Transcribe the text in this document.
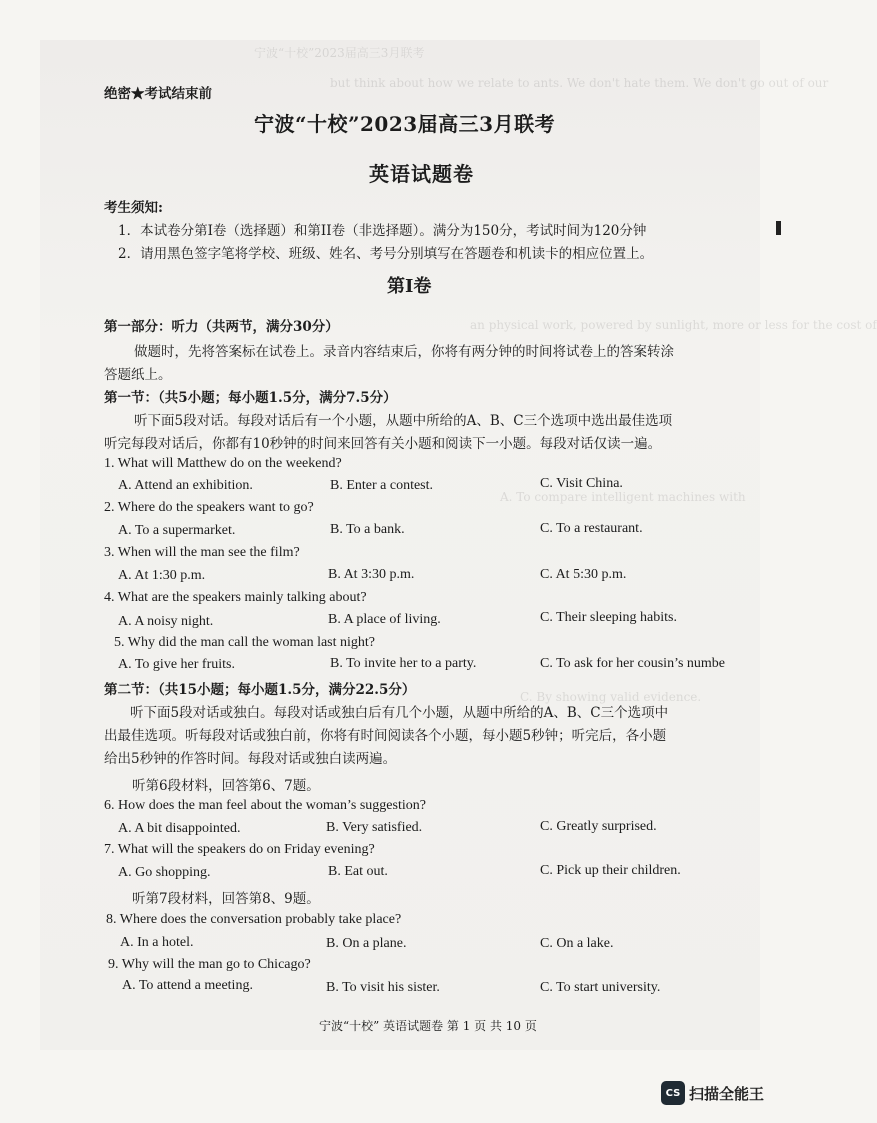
宁波“十校”2023届高三3月联考
but think about how we relate to ants. We don't hate them. We don't go out of our
an physical work, powered by sunlight, more or less for the cost of
A. To compare intelligent machines with
C. By showing valid evidence.
绝密★考试结束前
宁波“十校”2023届高三3月联考
英语试题卷
考生须知:
1．本试卷分第I卷（选择题）和第II卷（非选择题）。满分为150分，考试时间为120分钟
2．请用黑色签字笔将学校、班级、姓名、考号分别填写在答题卷和机读卡的相应位置上。
第I卷
第一部分：听力（共两节，满分30分）
做题时，先将答案标在试卷上。录音内容结束后，你将有两分钟的时间将试卷上的答案转涂
答题纸上。
第一节：（共5小题；每小题1.5分，满分7.5分）
听下面5段对话。每段对话后有一个小题，从题中所给的A、B、C三个选项中选出最佳选项
听完每段对话后，你都有10秒钟的时间来回答有关小题和阅读下一小题。每段对话仅读一遍。
1. What will Matthew do on the weekend?
A. Attend an exhibition.	B. Enter a contest.	C. Visit China.
2. Where do the speakers want to go?
A. To a supermarket.	B. To a bank.	C. To a restaurant.
3. When will the man see the film?
A. At 1:30 p.m.	B. At 3:30 p.m.	C. At 5:30 p.m.
4. What are the speakers mainly talking about?
A. A noisy night.	B. A place of living.	C. Their sleeping habits.
5. Why did the man call the woman last night?
A. To give her fruits.	B. To invite her to a party.	C. To ask for her cousin’s numbe
第二节：（共15小题；每小题1.5分，满分22.5分）
听下面5段对话或独白。每段对话或独白后有几个小题，从题中所给的A、B、C三个选项中
出最佳选项。听每段对话或独白前，你将有时间阅读各个小题，每小题5秒钟；听完后，各小题
给出5秒钟的作答时间。每段对话或独白读两遍。
听第6段材料，回答第6、7题。
6. How does the man feel about the woman’s suggestion?
A. A bit disappointed.	B. Very satisfied.	C. Greatly surprised.
7. What will the speakers do on Friday evening?
A. Go shopping.	B. Eat out.	C. Pick up their children.
听第7段材料，回答第8、9题。
8. Where does the conversation probably take place?
A. In a hotel.	B. On a plane.	C. On a lake.
9. Why will the man go to Chicago?
A. To attend a meeting.	B. To visit his sister.	C. To start university.
宁波“十校” 英语试题卷 第 1 页 共 10 页
CS 扫描全能王
